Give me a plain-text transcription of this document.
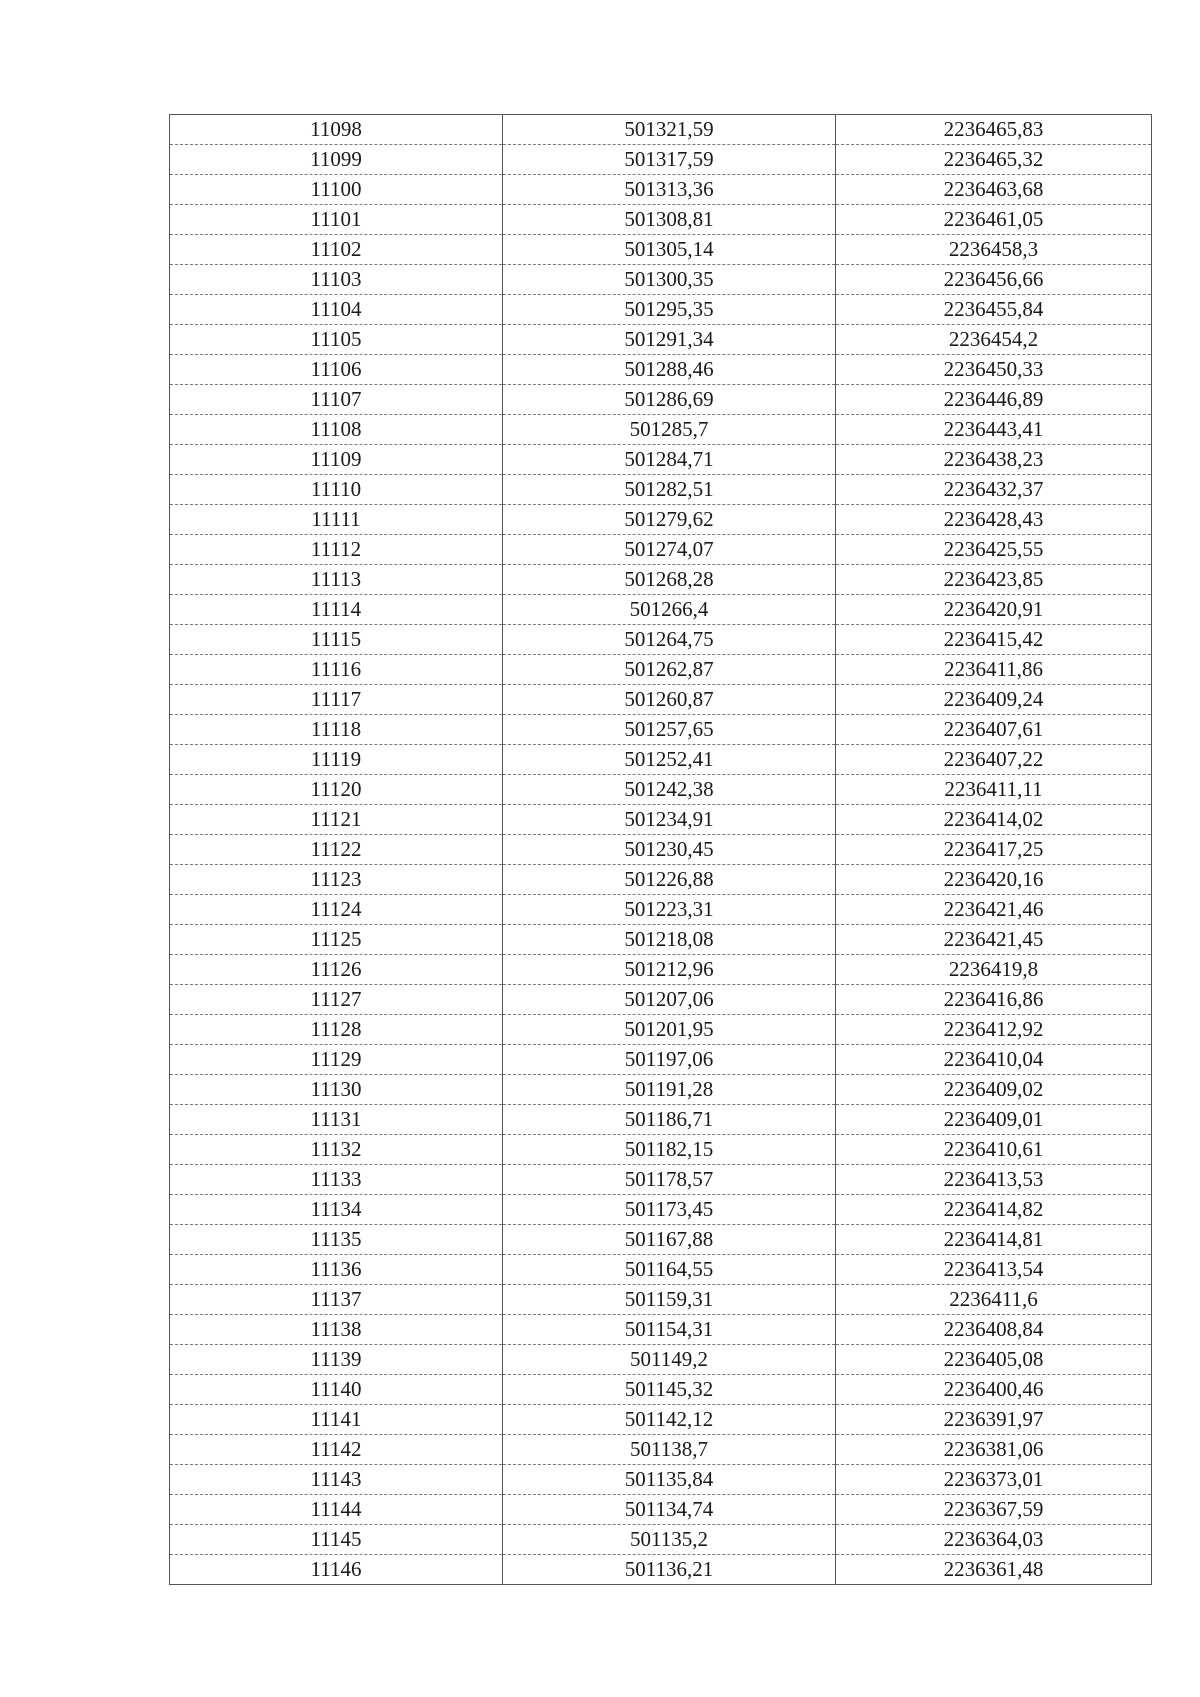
11098	501321,59	2236465,83
11099	501317,59	2236465,32
11100	501313,36	2236463,68
11101	501308,81	2236461,05
11102	501305,14	2236458,3
11103	501300,35	2236456,66
11104	501295,35	2236455,84
11105	501291,34	2236454,2
11106	501288,46	2236450,33
11107	501286,69	2236446,89
11108	501285,7	2236443,41
11109	501284,71	2236438,23
11110	501282,51	2236432,37
11111	501279,62	2236428,43
11112	501274,07	2236425,55
11113	501268,28	2236423,85
11114	501266,4	2236420,91
11115	501264,75	2236415,42
11116	501262,87	2236411,86
11117	501260,87	2236409,24
11118	501257,65	2236407,61
11119	501252,41	2236407,22
11120	501242,38	2236411,11
11121	501234,91	2236414,02
11122	501230,45	2236417,25
11123	501226,88	2236420,16
11124	501223,31	2236421,46
11125	501218,08	2236421,45
11126	501212,96	2236419,8
11127	501207,06	2236416,86
11128	501201,95	2236412,92
11129	501197,06	2236410,04
11130	501191,28	2236409,02
11131	501186,71	2236409,01
11132	501182,15	2236410,61
11133	501178,57	2236413,53
11134	501173,45	2236414,82
11135	501167,88	2236414,81
11136	501164,55	2236413,54
11137	501159,31	2236411,6
11138	501154,31	2236408,84
11139	501149,2	2236405,08
11140	501145,32	2236400,46
11141	501142,12	2236391,97
11142	501138,7	2236381,06
11143	501135,84	2236373,01
11144	501134,74	2236367,59
11145	501135,2	2236364,03
11146	501136,21	2236361,48
